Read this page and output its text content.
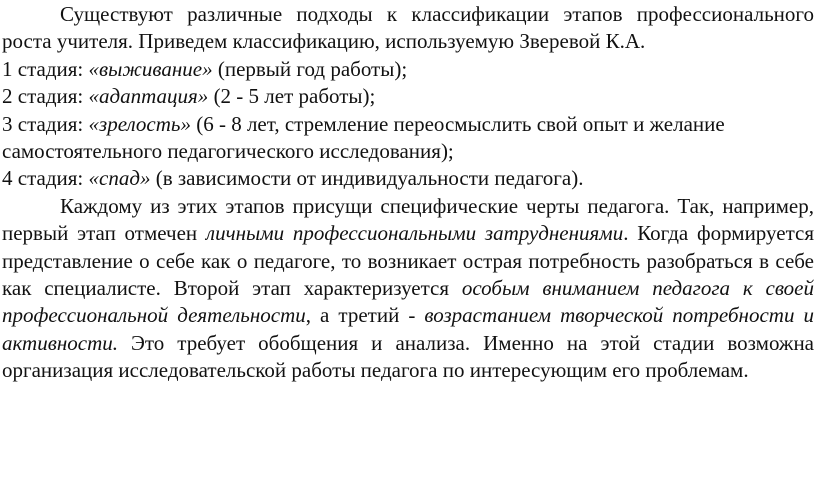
Существуют различные подходы к классификации этапов профессионального роста учителя. Приведем классификацию, используемую Зверевой К.А.

1 стадия: «выживание» (первый год работы);

2 стадия: «адаптация» (2 - 5 лет работы);

3 стадия: «зрелость» (6 - 8 лет, стремление переосмыслить свой опыт и желание самостоятельного педагогического исследования);

4 стадия: «спад» (в зависимости от индивидуальности педагога).

Каждому из этих этапов присущи специфические черты педагога. Так, например, первый этап отмечен личными профессиональными затруднениями. Когда формируется представление о себе как о педагоге, то возникает острая потребность разобраться в себе как специалисте. Второй этап характеризуется особым вниманием педагога к своей профессиональной деятельности, а третий - возрастанием творческой потребности и активности. Это требует обобщения и анализа. Именно на этой стадии возможна организация исследовательской работы педагога по интересующим его проблемам.
